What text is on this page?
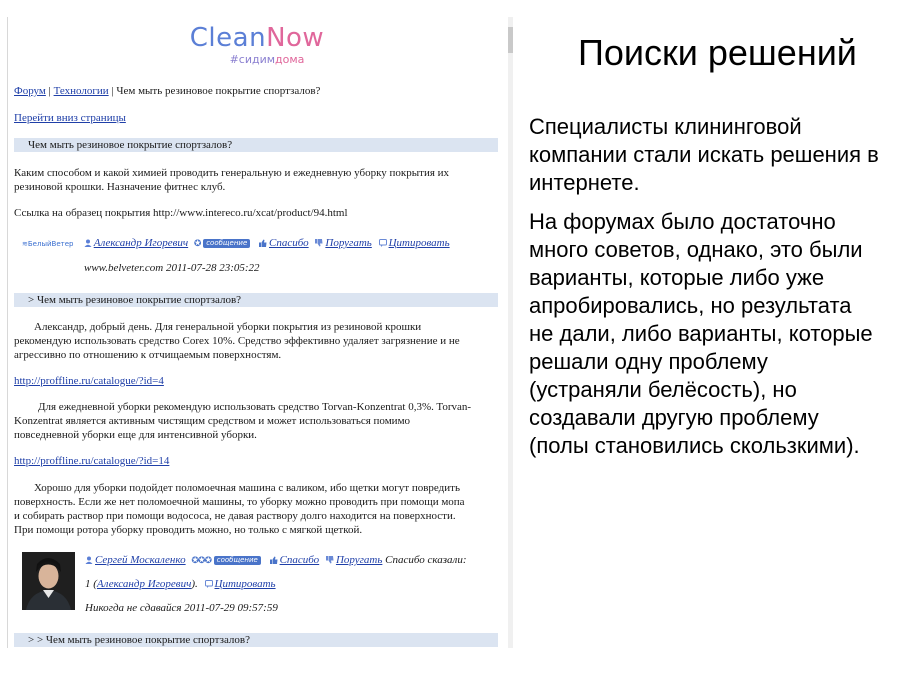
CleanNow
#сидимдома
Форум | Технологии | Чем мыть резиновое покрытие спортзалов?
Перейти вниз страницы
Чем мыть резиновое покрытие спортзалов?
Каким способом и какой химией проводить генеральную и ежедневную уборку покрытия их
резиновой крошки. Назначение фитнес клуб.
Ссылка на образец покрытия http://www.intereco.ru/xcat/product/94.html
≋БелыйВетер Александр Игоревич ✪ сообщение Спасибо Поругать Цитировать
www.belveter.com 2011-07-28 23:05:22
> Чем мыть резиновое покрытие спортзалов?
Александр, добрый день. Для генеральной уборки покрытия из резиновой крошки
рекомендую использовать средство Corex 10%. Средство эффективно удаляет загрязнение и не
агрессивно по отношению к отчищаемым поверхностям.
http://proffline.ru/catalogue/?id=4
Для ежедневной уборки рекомендую использовать средство Torvan-Konzentrat 0,3%. Torvan-
Konzentrat является активным чистящим средством и может использоваться помимо
повседневной уборки еще для интенсивной уборки.
http://proffline.ru/catalogue/?id=14
Хорошо для уборки подойдет поломоечная машина с валиком, ибо щетки могут повредить
поверхность. Если же нет поломоечной машины, то уборку можно проводить при помощи мопа
и собирать раствор при помощи водососа, не давая раствору долго находится на поверхности.
При помощи ротора уборку проводить можно, но только с мягкой щеткой.
Сергей Москаленко ✪✪✪ сообщение Спасибо Поругать Спасибо сказали:
1 (Александр Игоревич). Цитировать
Никогда не сдавайся 2011-07-29 09:57:59
> > Чем мыть резиновое покрытие спортзалов?
Поиски решений

Специалисты клининговой компании стали искать решения в интернете.

На форумах было достаточно много советов, однако, это были варианты, которые либо уже апробировались, но результата не дали, либо варианты, которые решали одну проблему (устраняли белёсость), но создавали другую проблему (полы становились скользкими).
